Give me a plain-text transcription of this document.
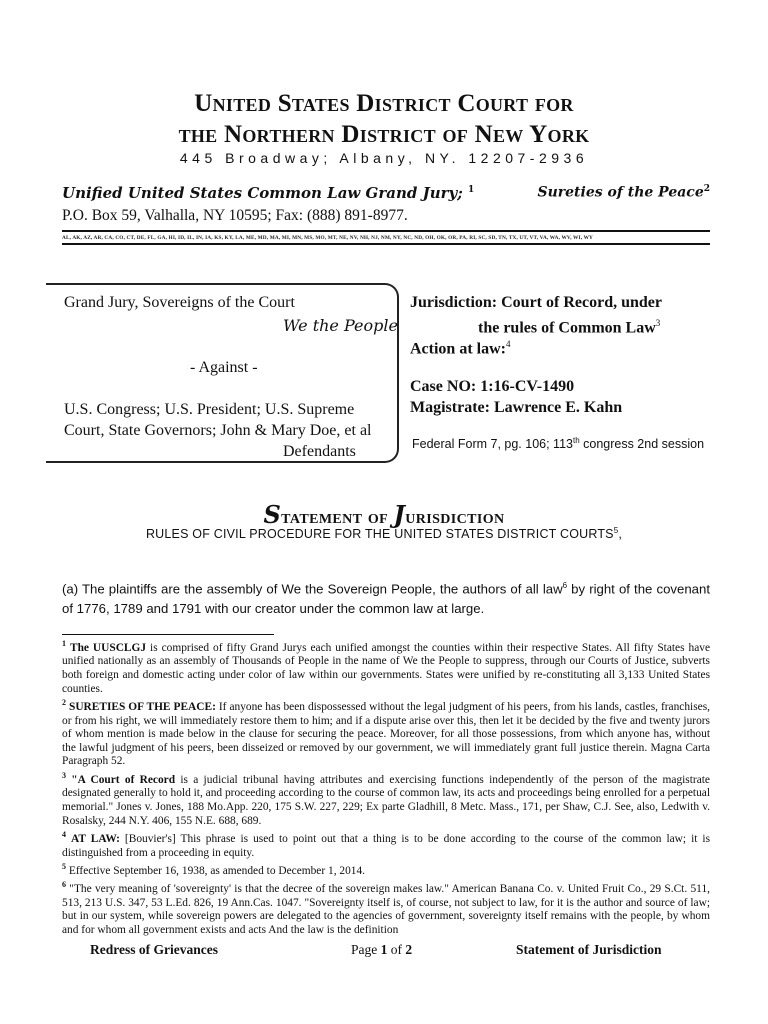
United States District Court for
the Northern District of New York
445 Broadway; Albany, NY. 12207-2936
Unified United States Common Law Grand Jury; $^1$	Sureties of the Peace$^2$
P.O. Box 59, Valhalla, NY 10595; Fax: (888) 891-8977.
AL, AK, AZ, AR, CA, CO, CT, DE, FL, GA, HI, ID, IL, IN, IA, KS, KY, LA, ME, MD, MA, MI, MN, MS, MO, MT, NE, NV, NH, NJ, NM, NY, NC, ND, OH, OK, OR, PA, RI, SC, SD, TN, TX, UT, VT, VA, WA, WV, WI, WY
Grand Jury, Sovereigns of the Court
We the People
- Against -
U.S. Congress; U.S. President; U.S. Supreme
Court, State Governors; John & Mary Doe, et al
Defendants
Jurisdiction: Court of Record, under
the rules of Common Law$^3$
Action at law:$^4$
Case NO: 1:16-CV-1490
Magistrate: Lawrence E. Kahn
Federal Form 7, pg. 106; 113th congress 2nd session
Statement of Jurisdiction
RULES OF CIVIL PROCEDURE FOR THE UNITED STATES DISTRICT COURTS$^5$,
(a) The plaintiffs are the assembly of We the Sovereign People, the authors of all law$^6$ by right of the covenant of 1776, 1789 and 1791 with our creator under the common law at large.

$^1$ The UUSCLGJ is comprised of fifty Grand Jurys each unified amongst the counties within their respective States. All fifty States have unified nationally as an assembly of Thousands of People in the name of We the People to suppress, through our Courts of Justice, subverts both foreign and domestic acting under color of law within our governments. States were unified by re-constituting all 3,133 United States counties.

$^2$ SURETIES OF THE PEACE: If anyone has been dispossessed without the legal judgment of his peers, from his lands, castles, franchises, or from his right, we will immediately restore them to him; and if a dispute arise over this, then let it be decided by the five and twenty jurors of whom mention is made below in the clause for securing the peace. Moreover, for all those possessions, from which anyone has, without the lawful judgment of his peers, been disseized or removed by our government, we will immediately grant full justice therein. Magna Carta Paragraph 52.

$^3$ "A Court of Record is a judicial tribunal having attributes and exercising functions independently of the person of the magistrate designated generally to hold it, and proceeding according to the course of common law, its acts and proceedings being enrolled for a perpetual memorial." Jones v. Jones, 188 Mo.App. 220, 175 S.W. 227, 229; Ex parte Gladhill, 8 Metc. Mass., 171, per Shaw, C.J. See, also, Ledwith v. Rosalsky, 244 N.Y. 406, 155 N.E. 688, 689.

$^4$ AT LAW: [Bouvier's] This phrase is used to point out that a thing is to be done according to the course of the common law; it is distinguished from a proceeding in equity.

$^5$ Effective September 16, 1938, as amended to December 1, 2014.

$^6$ "The very meaning of 'sovereignty' is that the decree of the sovereign makes law." American Banana Co. v. United Fruit Co., 29 S.Ct. 511, 513, 213 U.S. 347, 53 L.Ed. 826, 19 Ann.Cas. 1047. "Sovereignty itself is, of course, not subject to law, for it is the author and source of law; but in our system, while sovereign powers are delegated to the agencies of government, sovereignty itself remains with the people, by whom and for whom all government exists and acts And the law is the definition

Redress of Grievances	Page 1 of 2	Statement of Jurisdiction
